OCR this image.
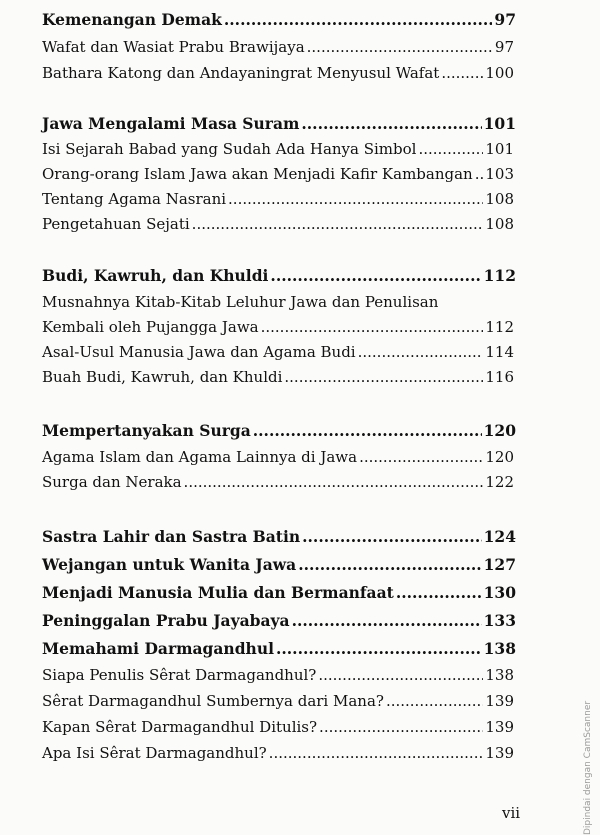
Kemenangan Demak .....	97
Wafat dan Wasiat Prabu Brawijaya .....	97
Bathara Katong dan Andayaningrat Menyusul Wafat .....	100
Jawa Mengalami Masa Suram .....	101
Isi Sejarah Babad yang Sudah Ada Hanya Simbol .....	101
Orang-orang Islam Jawa akan Menjadi Kafir Kambangan ..... 103
Tentang Agama Nasrani .....	108
Pengetahuan Sejati .....	108
Budi, Kawruh, dan Khuldi .....	112
Musnahnya Kitab-Kitab Leluhur Jawa dan Penulisan
Kembali oleh Pujangga Jawa .....	112
Asal-Usul Manusia Jawa dan Agama Budi .....	114
Buah Budi, Kawruh, dan Khuldi .....	116
Mempertanyakan Surga .....	120
Agama Islam dan Agama Lainnya di Jawa .....	120
Surga dan Neraka .....	122
Sastra Lahir dan Sastra Batin .....	124
Wejangan untuk Wanita Jawa .....	127
Menjadi Manusia Mulia dan Bermanfaat .....	130
Peninggalan Prabu Jayabaya .....	133
Memahami Darmagandhul .....	138
Siapa Penulis Sêrat Darmagandhul? .....	138
Sêrat Darmagandhul Sumbernya dari Mana? .....	139
Kapan Sêrat Darmagandhul Ditulis? .....	139
Apa Isi Sêrat Darmagandhul? .....	139
vii	Dipindai dengan CamScanner
